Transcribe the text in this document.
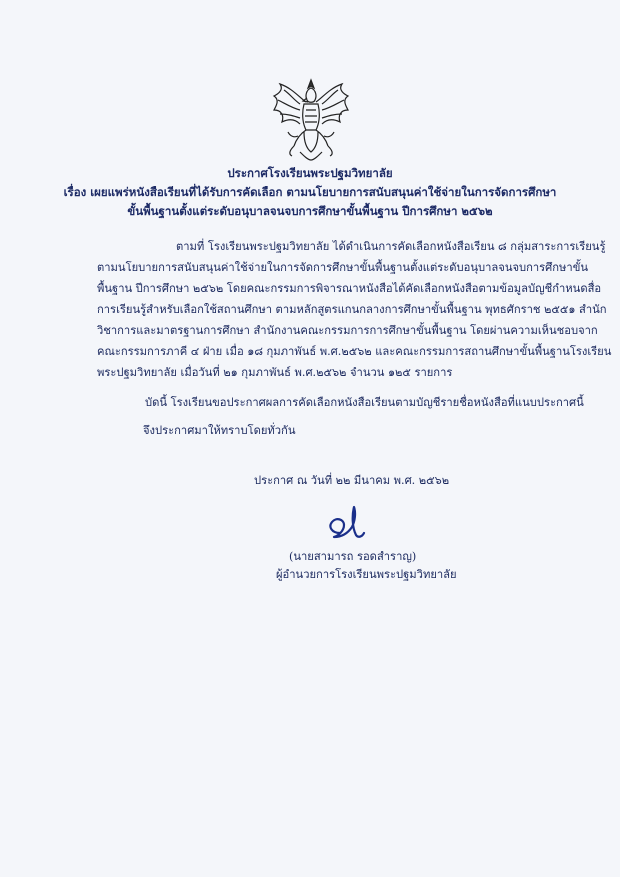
ประกาศโรงเรียนพระปฐมวิทยาลัย
เรื่อง เผยแพร่หนังสือเรียนที่ได้รับการคัดเลือก ตามนโยบายการสนับสนุนค่าใช้จ่ายในการจัดการศึกษา
ขั้นพื้นฐานตั้งแต่ระดับอนุบาลจนจบการศึกษาขั้นพื้นฐาน ปีการศึกษา ๒๕๖๒
ตามที่ โรงเรียนพระปฐมวิทยาลัย ได้ดำเนินการคัดเลือกหนังสือเรียน ๘ กลุ่มสาระการเรียนรู้
ตามนโยบายการสนับสนุนค่าใช้จ่ายในการจัดการศึกษาขั้นพื้นฐานตั้งแต่ระดับอนุบาลจนจบการศึกษาขั้น
พื้นฐาน ปีการศึกษา ๒๕๖๒ โดยคณะกรรมการพิจารณาหนังสือได้คัดเลือกหนังสือตามข้อมูลบัญชีกำหนดสื่อ
การเรียนรู้สำหรับเลือกใช้สถานศึกษา ตามหลักสูตรแกนกลางการศึกษาขั้นพื้นฐาน พุทธศักราช ๒๕๕๑ สำนัก
วิชาการและมาตรฐานการศึกษา สำนักงานคณะกรรมการการศึกษาขั้นพื้นฐาน โดยผ่านความเห็นชอบจาก
คณะกรรมการภาคี ๔ ฝ่าย เมื่อ ๑๘ กุมภาพันธ์ พ.ศ.๒๕๖๒ และคณะกรรมการสถานศึกษาขั้นพื้นฐานโรงเรียน
พระปฐมวิทยาลัย เมื่อวันที่ ๒๑ กุมภาพันธ์ พ.ศ.๒๕๖๒ จำนวน ๑๒๕ รายการ
บัดนี้ โรงเรียนขอประกาศผลการคัดเลือกหนังสือเรียนตามบัญชีรายชื่อหนังสือที่แนบประกาศนี้
จึงประกาศมาให้ทราบโดยทั่วกัน
ประกาศ ณ วันที่ ๒๒ มีนาคม พ.ศ. ๒๕๖๒
(นายสามารถ รอดสำราญ)
ผู้อำนวยการโรงเรียนพระปฐมวิทยาลัย
